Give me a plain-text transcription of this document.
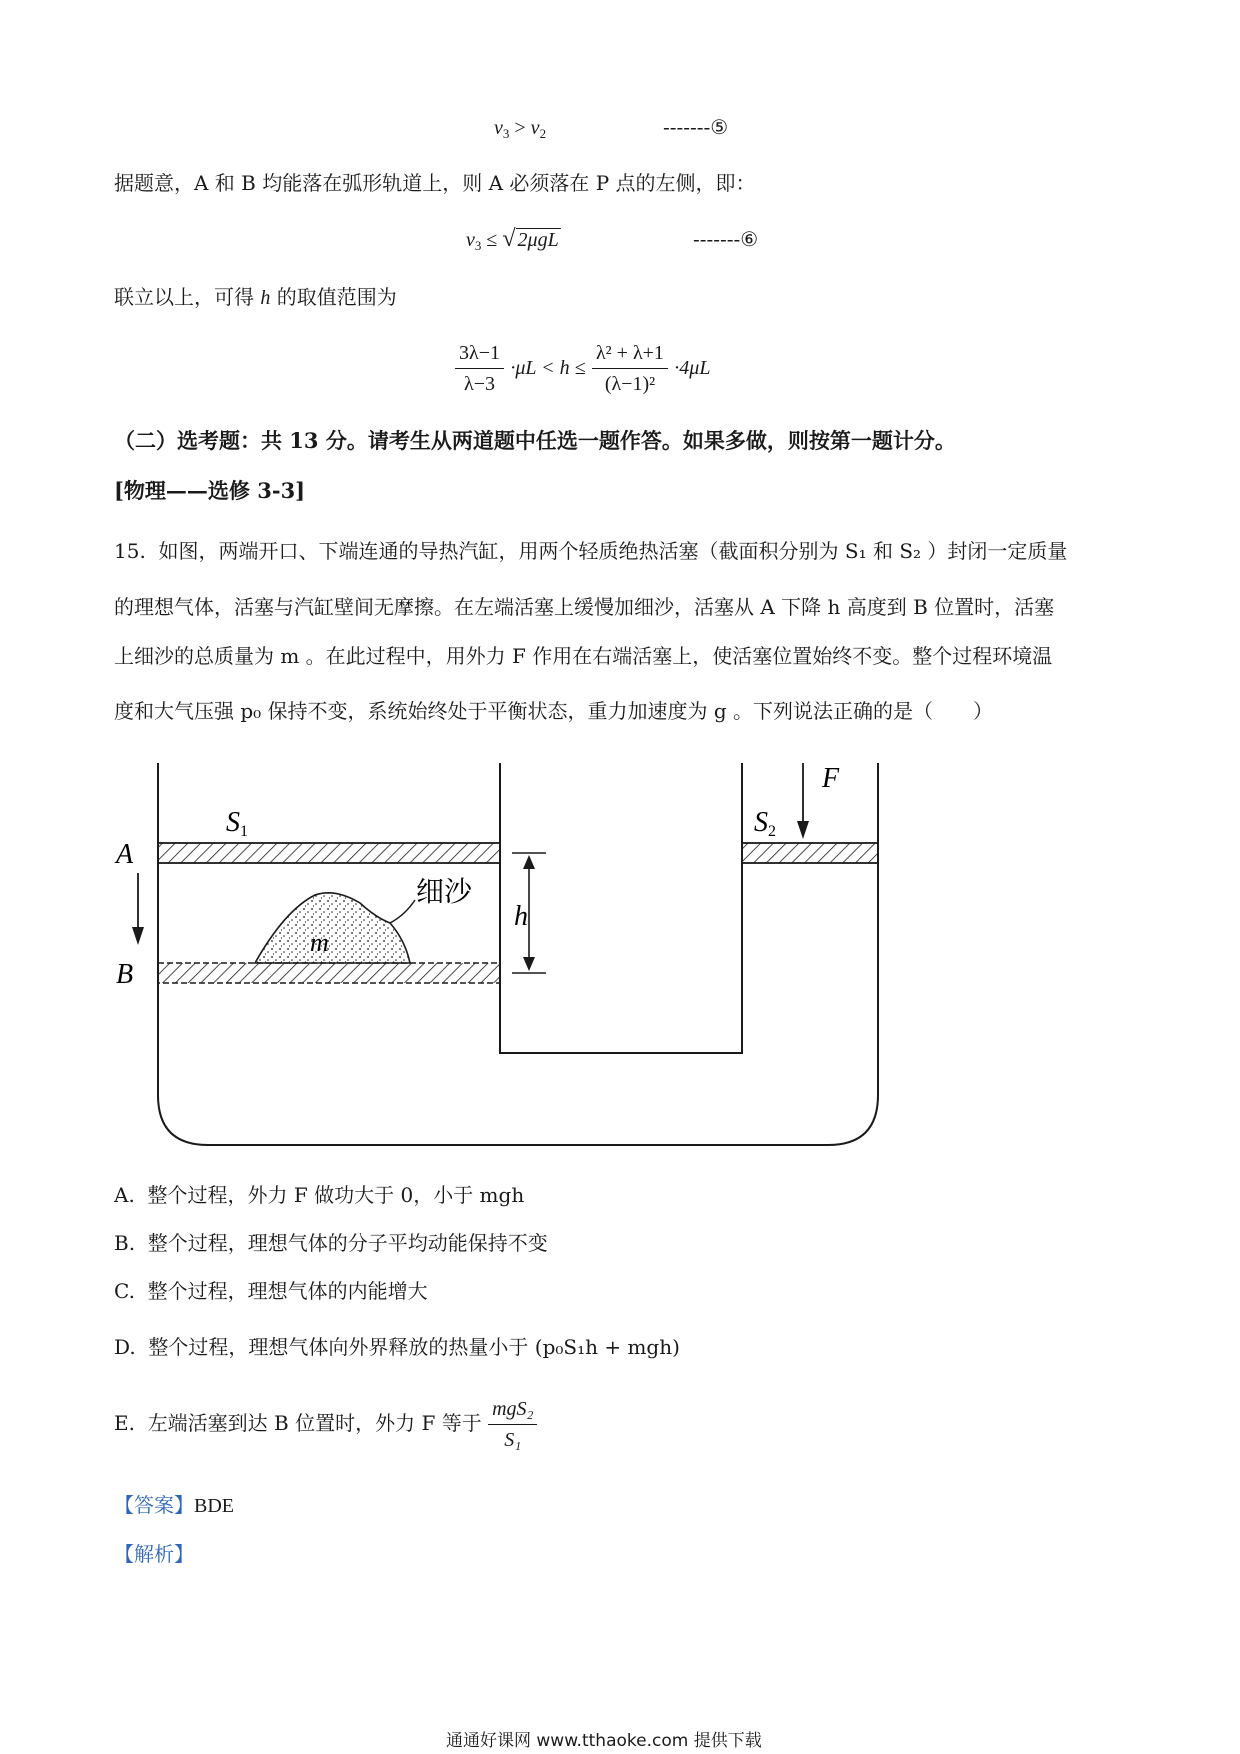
$v_3 > v_2$	-------⑤
据题意，A 和 B 均能落在弧形轨道上，则 A 必须落在 P 点的左侧，即：
$v_3$ ≤ √ 2μgL	-------⑥
联立以上，可得 h 的取值范围为
$\frac{3\lambda-1}{\lambda-3} \cdot\mu L < h \le \frac{\text{λ² + λ+1}}{\text{(λ−1)²}} \cdot 4\mu L$
（二）选考题：共 13 分。请考生从两道题中任选一题作答。如果多做，则按第一题计分。
[物理——选修 3-3]
15. 如图，两端开口、下端连通的导热汽缸，用两个轻质绝热活塞（截面积分别为 S₁ 和 S₂ ）封闭一定质量
的理想气体，活塞与汽缸壁间无摩擦。在左端活塞上缓慢加细沙，活塞从 A 下降 h 高度到 B 位置时，活塞
上细沙的总质量为 m 。在此过程中，用外力 F 作用在右端活塞上，使活塞位置始终不变。整个过程环境温
度和大气压强 p₀ 保持不变，系统始终处于平衡状态，重力加速度为 g 。下列说法正确的是（　　）
S1	S2
A
B
F
h
m
细沙
A. 整个过程，外力 F 做功大于 0，小于 mgh
B. 整个过程，理想气体的分子平均动能保持不变
C. 整个过程，理想气体的内能增大
D. 整个过程，理想气体向外界释放的热量小于 (p₀S₁h + mgh)
E. 左端活塞到达 B 位置时，外力 F 等于 $\frac{\text{mgS₂}}{\text{S₁}}$
【答案】BDE
【解析】
通通好课网 www.tthaoke.com 提供下载
